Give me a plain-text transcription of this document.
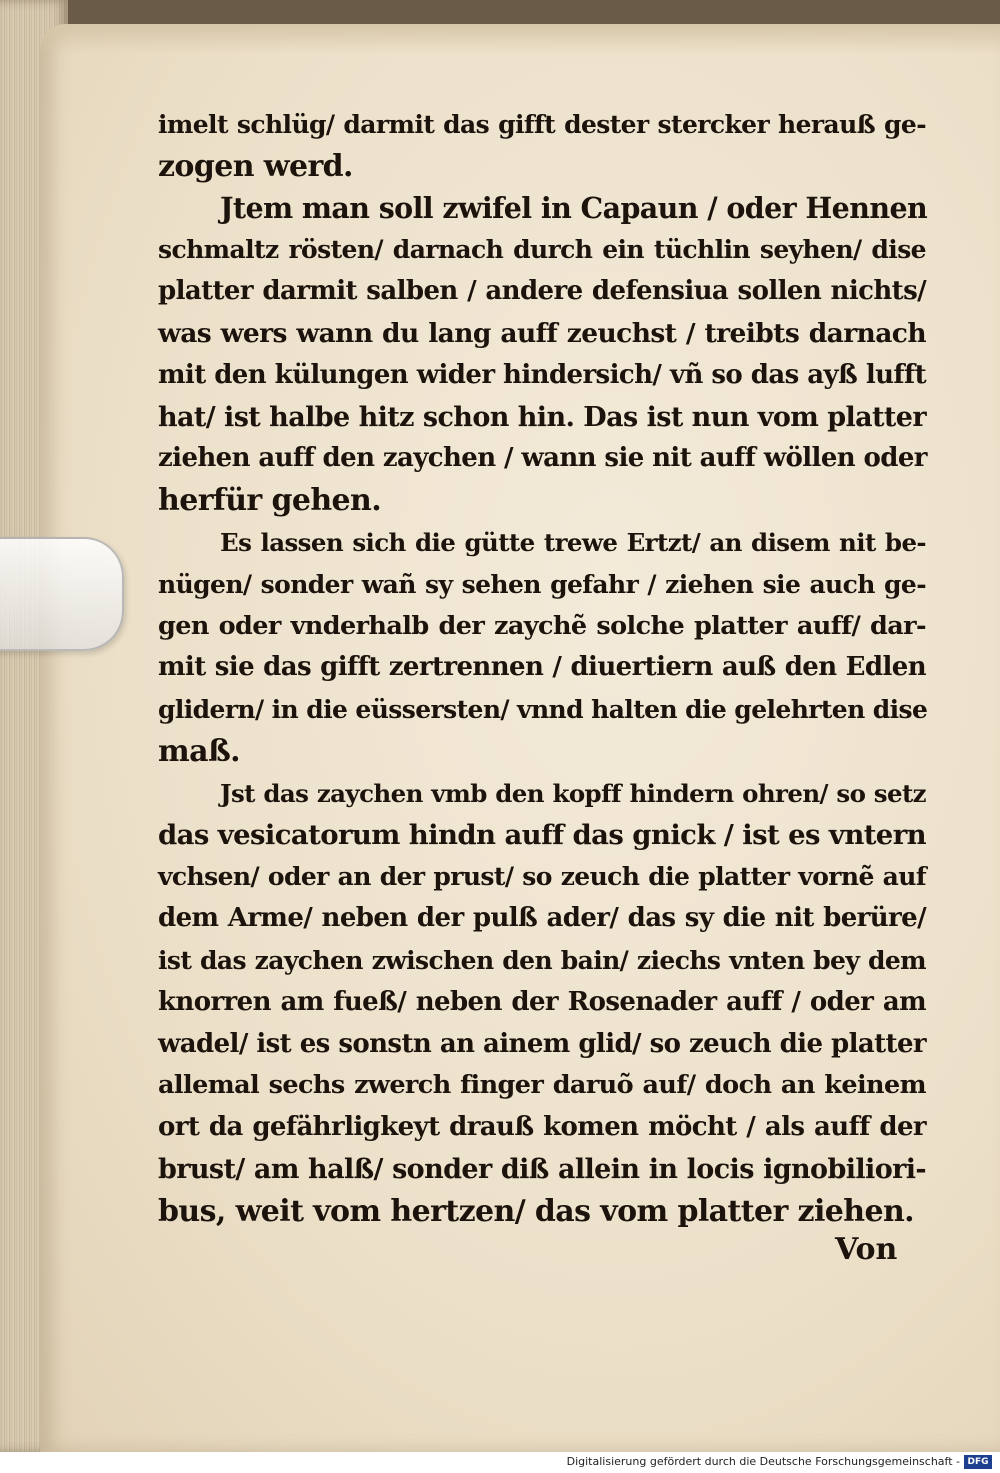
imelt schlüg/ darmit das gifft dester stercker herauß ge-
zogen werd.
Jtem man soll zwifel in Capaun / oder Hennen
schmaltz rösten/ darnach durch ein tüchlin seyhen/ dise
platter darmit salben / andere defensiua sollen nichts/
was wers wann du lang auff zeuchst / treibts darnach
mit den külungen wider hindersich/ vñ so das ayß lufft
hat/ ist halbe hitz schon hin. Das ist nun vom platter
ziehen auff den zaychen / wann sie nit auff wöllen oder
herfür gehen.
Es lassen sich die gütte trewe Ertzt/ an disem nit be-
nügen/ sonder wañ sy sehen gefahr / ziehen sie auch ge-
gen oder vnderhalb der zaychẽ solche platter auff/ dar-
mit sie das gifft zertrennen / diuertiern auß den Edlen
glidern/ in die eüssersten/ vnnd halten die gelehrten dise
maß.
Jst das zaychen vmb den kopff hindern ohren/ so setz
das vesicatorum hindn auff das gnick / ist es vntern
vchsen/ oder an der prust/ so zeuch die platter vornẽ auf
dem Arme/ neben der pulß ader/ das sy die nit berüre/
ist das zaychen zwischen den bain/ ziechs vnten bey dem
knorren am fueß/ neben der Rosenader auff / oder am
wadel/ ist es sonstn an ainem glid/ so zeuch die platter
allemal sechs zwerch finger daruõ auf/ doch an keinem
ort da gefährligkeyt drauß komen möcht / als auff der
brust/ am halß/ sonder diß allein in locis ignobiliori-
bus, weit vom hertzen/ das vom platter ziehen.
Von
Digitalisierung gefördert durch die Deutsche Forschungsgemeinschaft - DFG
